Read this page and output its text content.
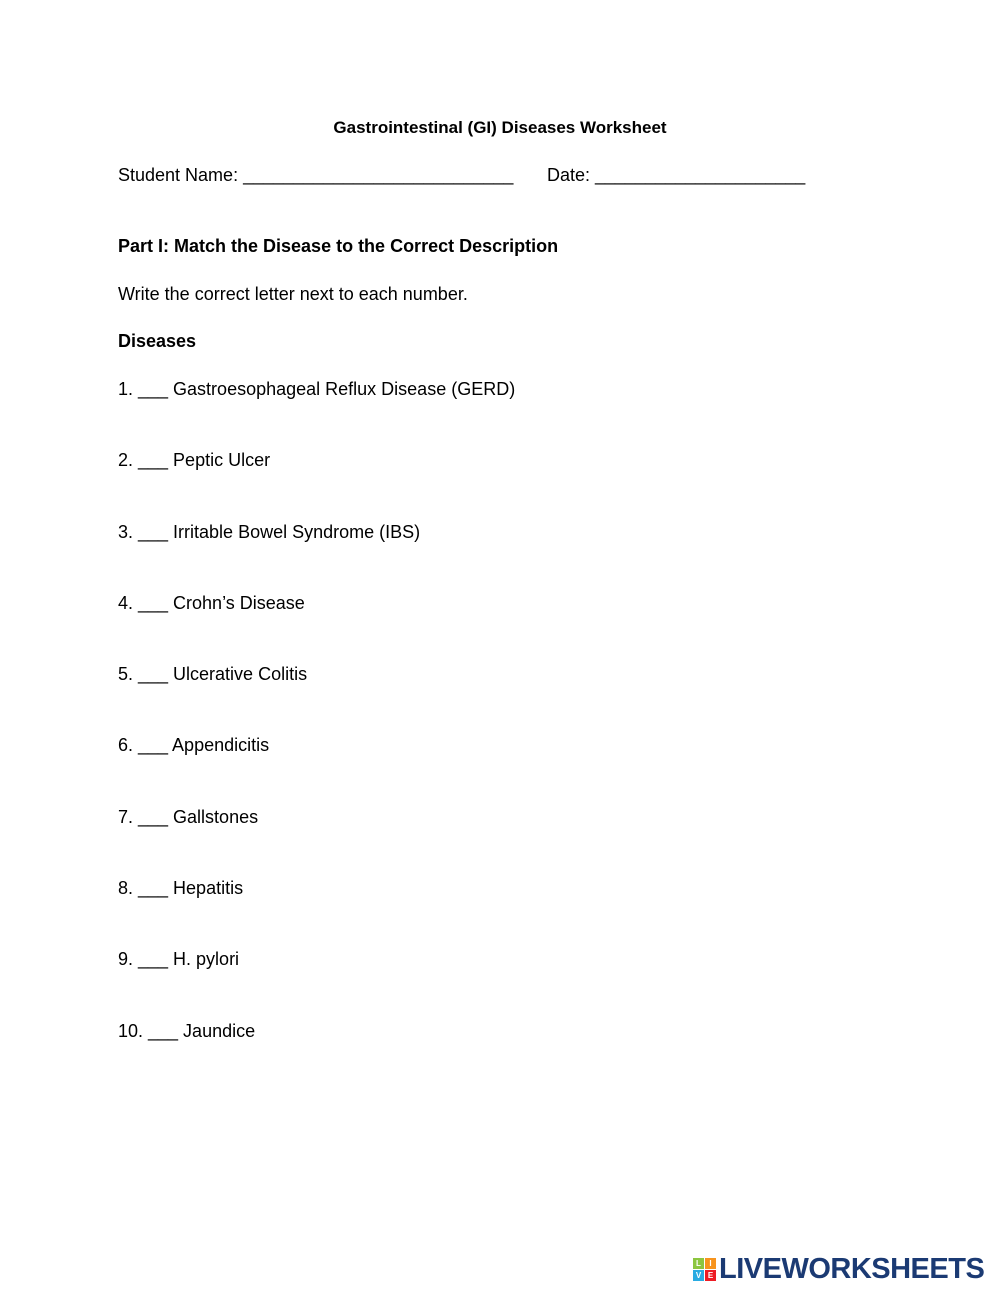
Gastrointestinal (GI) Diseases Worksheet
Student Name: ___________________________ Date: _____________________
Part I: Match the Disease to the Correct Description
Write the correct letter next to each number.
Diseases
1. ___ Gastroesophageal Reflux Disease (GERD)
2. ___ Peptic Ulcer
3. ___ Irritable Bowel Syndrome (IBS)
4. ___ Crohn’s Disease
5. ___ Ulcerative Colitis
6. ___ Appendicitis
7. ___ Gallstones
8. ___ Hepatitis
9. ___ H. pylori
10. ___ Jaundice
L	I
V E LIVEWORKSHEETS
